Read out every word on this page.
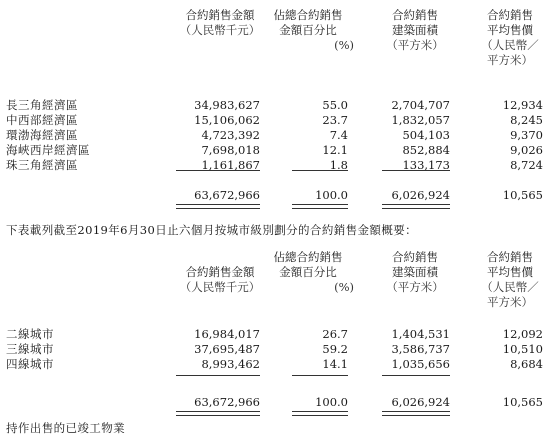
合約銷售金額
（人民幣千元）
佔總合約銷售
金額百分比
(%)
合約銷售
建築面積
（平方米）
合約銷售
平均售價
（人民幣／
平方米）
長三角經濟區	34,983,627	55.0	2,704,707	12,934
中西部經濟區	15,106,062	23.7	1,832,057	8,245
環渤海經濟區	4,723,392	7.4	504,103	9,370
海峽西岸經濟區	7,698,018	12.1	852,884	9,026
珠三角經濟區	1,161,867	1.8	133,173	8,724
63,672,966	100.0	6,026,924	10,565
下表載列截至2019年6月30日止六個月按城市級別劃分的合約銷售金額概要：
合約銷售金額
（人民幣千元）
佔總合約銷售
金額百分比
(%)
合約銷售
建築面積
（平方米）
合約銷售
平均售價
（人民幣／
平方米）
二線城市	16,984,017	26.7	1,404,531	12,092
三線城市	37,695,487	59.2	3,586,737	10,510
四線城市	8,993,462	14.1	1,035,656	8,684
63,672,966	100.0	6,026,924	10,565
持作出售的已竣工物業
